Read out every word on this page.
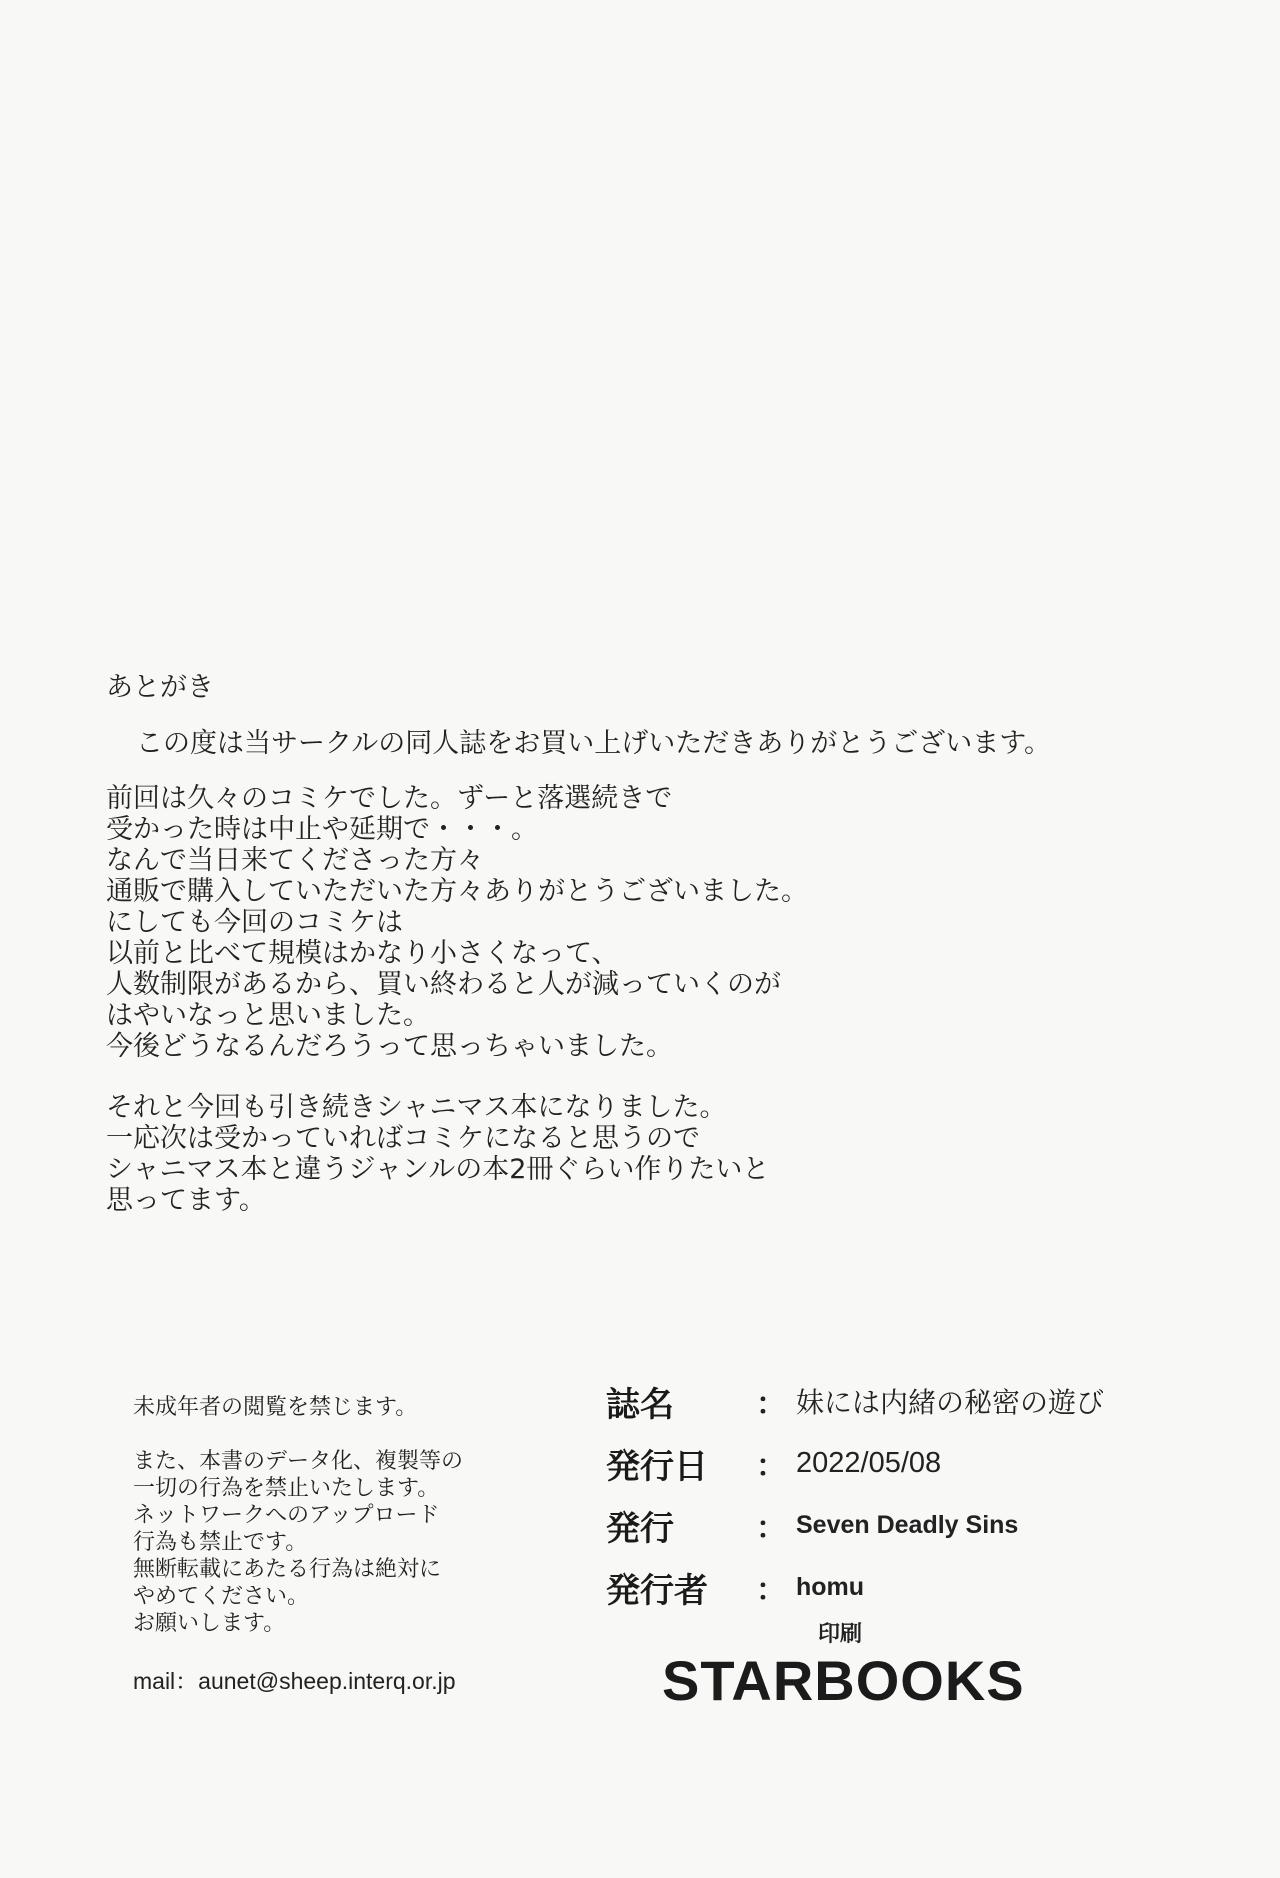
あとがき

この度は当サークルの同人誌をお買い上げいただきありがとうございます。

前回は久々のコミケでした。ずーと落選続きで
受かった時は中止や延期で・・・。
なんで当日来てくださった方々
通販で購入していただいた方々ありがとうございました。
にしても今回のコミケは
以前と比べて規模はかなり小さくなって、
人数制限があるから、買い終わると人が減っていくのが
はやいなっと思いました。
今後どうなるんだろうって思っちゃいました。
それと今回も引き続きシャニマス本になりました。
一応次は受かっていればコミケになると思うので
シャニマス本と違うジャンルの本2冊ぐらい作りたいと
思ってます。
未成年者の閲覧を禁じます。
また、本書のデータ化、複製等の
一切の行為を禁止いたします。
ネットワークへのアップロード
行為も禁止です。
無断転載にあたる行為は絶対に
やめてください。
お願いします。
mail：aunet@sheep.interq.or.jp
誌名	： 妹には内緒の秘密の遊び
発行日	： 2022/05/08
発行	： Seven Deadly Sins
発行者	： homu
印刷
STARBOOKS
